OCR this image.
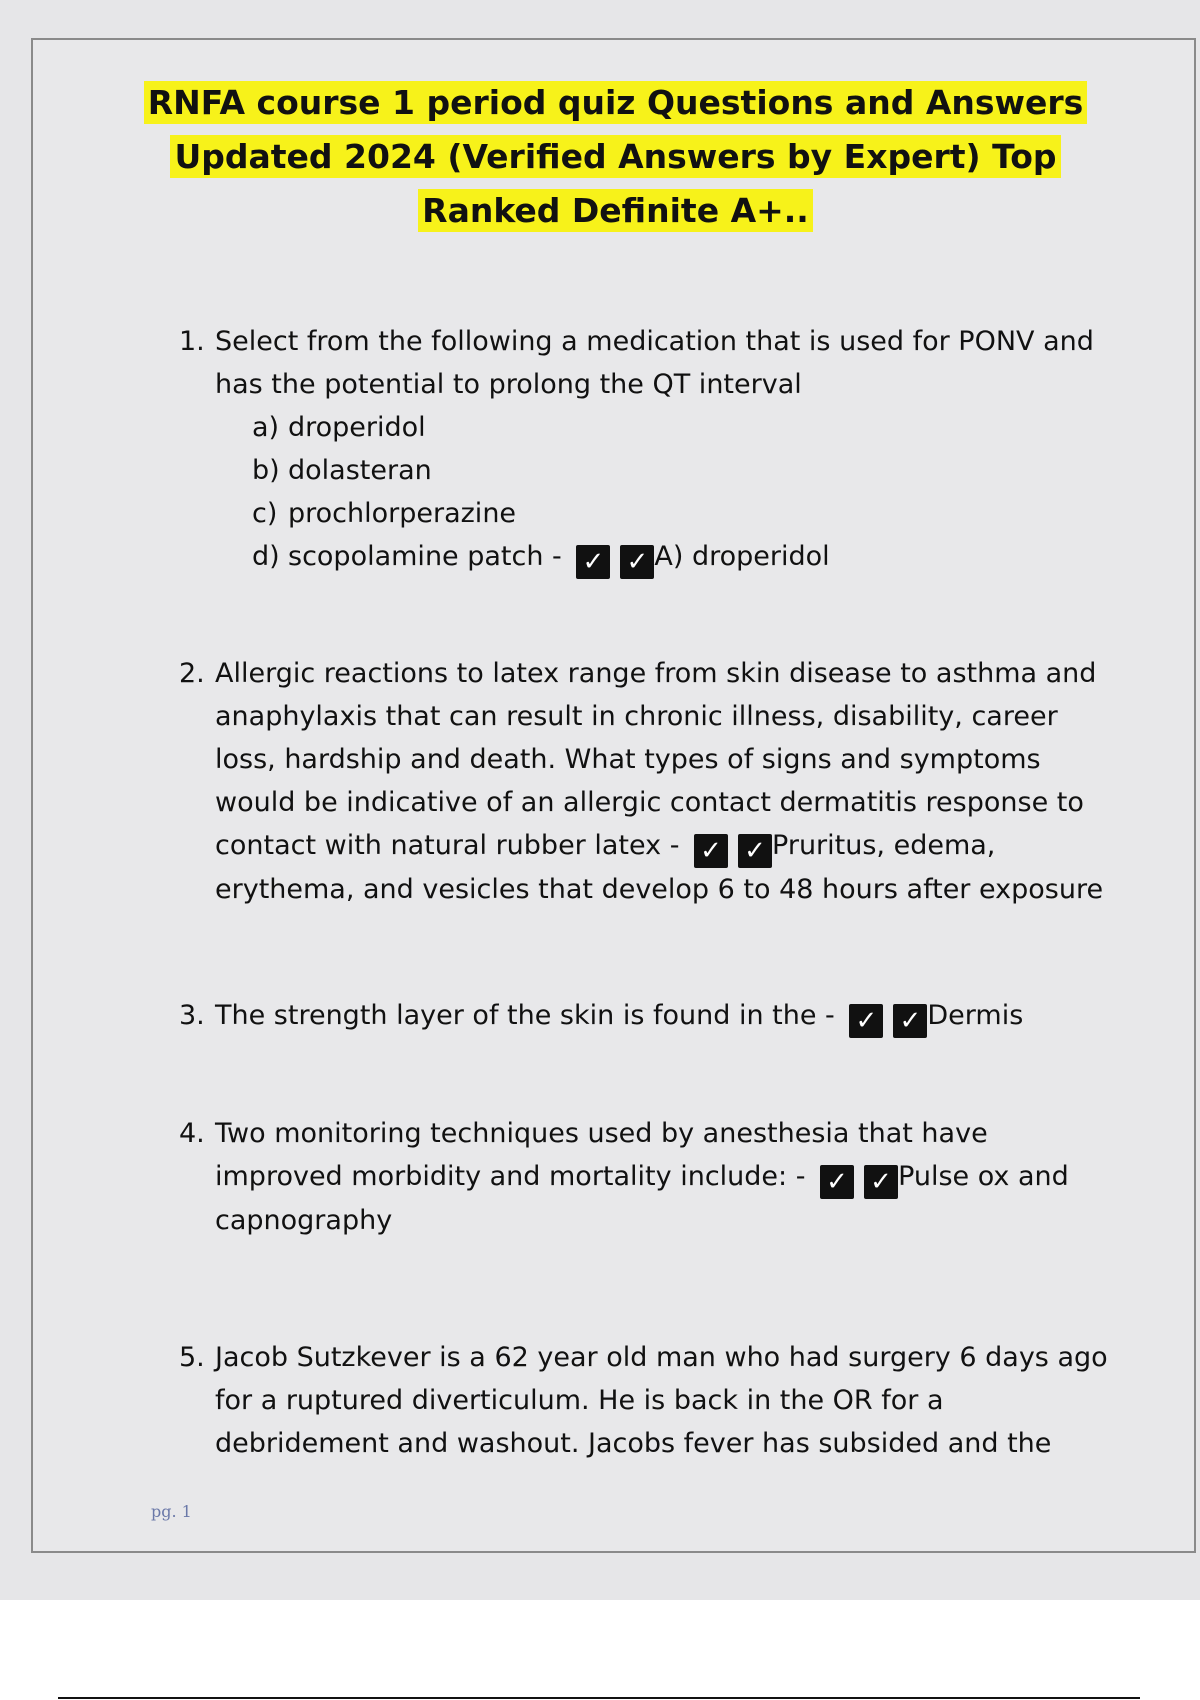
RNFA course 1 period quiz Questions and Answers
Updated 2024 (Verified Answers by Expert) Top
Ranked Definite A+..
1. Select from the following a medication that is used for PONV and has the potential to prolong the QT interval
a) droperidol
b) dolasteran
c) prochlorperazine
d) scopolamine patch - ✓ ✓ A) droperidol
2. Allergic reactions to latex range from skin disease to asthma and anaphylaxis that can result in chronic illness, disability, career loss, hardship and death. What types of signs and symptoms would be indicative of an allergic contact dermatitis response to contact with natural rubber latex - ✓ ✓ Pruritus, edema, erythema, and vesicles that develop 6 to 48 hours after exposure
3. The strength layer of the skin is found in the - ✓ ✓ Dermis
4. Two monitoring techniques used by anesthesia that have improved morbidity and mortality include: - ✓ ✓ Pulse ox and capnography
5. Jacob Sutzkever is a 62 year old man who had surgery 6 days ago for a ruptured diverticulum. He is back in the OR for a debridement and washout. Jacobs fever has subsided and the
pg. 1
